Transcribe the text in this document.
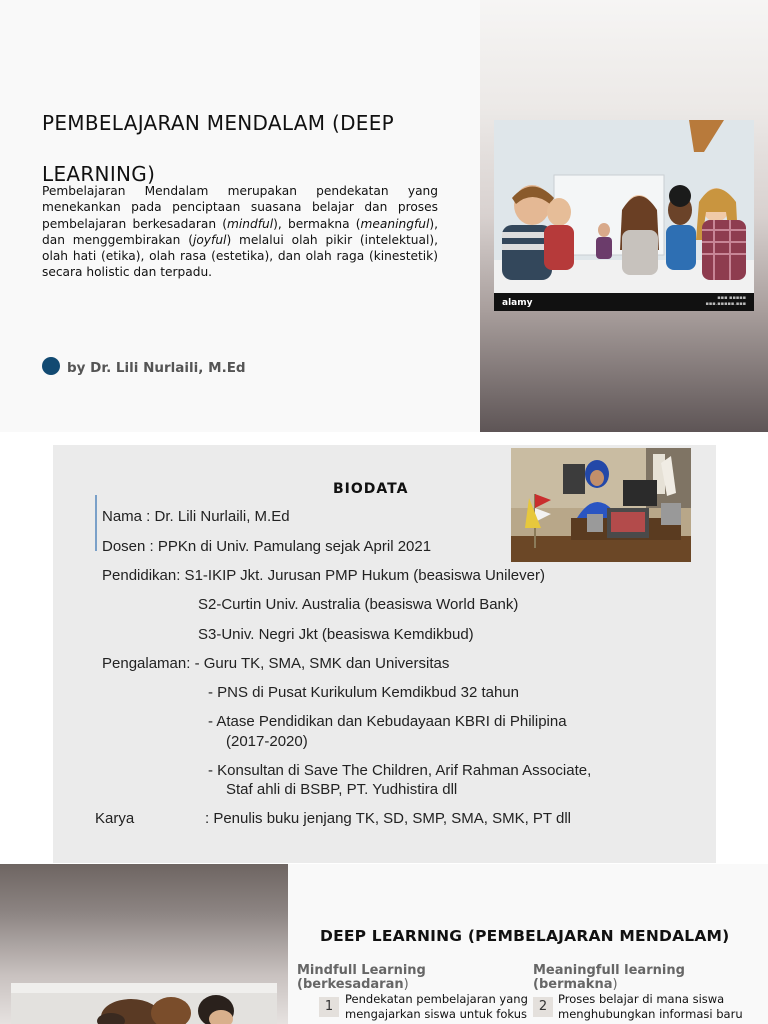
PEMBELAJARAN MENDALAM (DEEP
LEARNING)

Pembelajaran Mendalam merupakan pendekatan yang menekankan pada penciptaan suasana belajar dan proses pembelajaran berkesadaran (mindful), bermakna (meaningful), dan menggembirakan (joyful) melalui olah pikir (intelektual), olah hati (etika), olah rasa (estetika), dan olah raga (kinestetik) secara holistic dan terpadu.

by Dr. Lili Nurlaili, M.Ed
alamy	▪▪▪ ▪▪▪▪▪
▪▪▪.▪▪▪▪▪.▪▪▪
BIODATA
Nama : Dr. Lili Nurlaili, M.Ed
Dosen : PPKn di Univ. Pamulang sejak April 2021
Pendidikan: S1-IKIP Jkt. Jurusan PMP Hukum (beasiswa Unilever)
S2-Curtin Univ. Australia (beasiswa World Bank)
S3-Univ. Negri Jkt (beasiswa Kemdikbud)
Pengalaman: - Guru TK, SMA, SMK dan Universitas
- PNS di Pusat Kurikulum Kemdikbud 32 tahun
- Atase Pendidikan dan Kebudayaan KBRI di Philipina
(2017-2020)
- Konsultan di Save The Children, Arif Rahman Associate,
Staf ahli di BSBP, PT. Yudhistira dll
Karya	: Penulis buku jenjang TK, SD, SMP, SMA, SMK, PT dll
DEEP LEARNING (PEMBELAJARAN MENDALAM)
Mindfull Learning
(berkesadaran)
1	Pendekatan pembelajaran yang
mengajarkan siswa untuk fokus
Meaningfull learning
(bermakna)
2 Proses belajar di mana siswa
menghubungkan informasi baru
